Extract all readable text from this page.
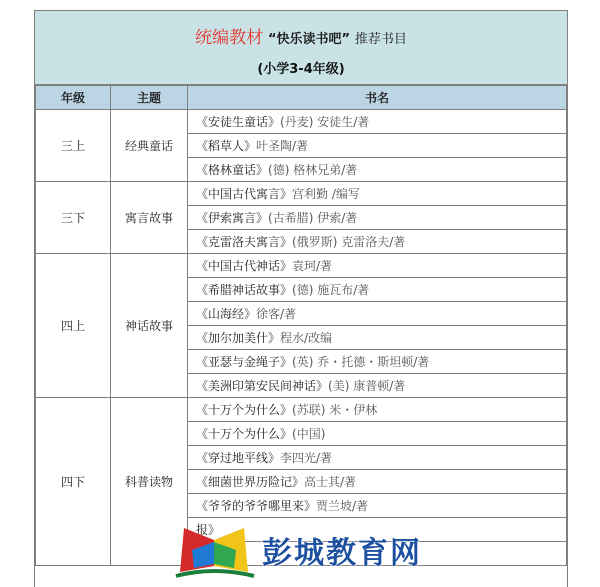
统编教材 “快乐读书吧” 推荐书目
(小学3-4年级)
年级	主题	书名
三上	经典童话	《安徒生童话》(丹麦) 安徒生/著
		《稻草人》叶圣陶/著
		《格林童话》(德) 格林兄弟/著
三下	寓言故事	《中国古代寓言》宫利勤 /编写
		《伊索寓言》(古希腊) 伊索/著
		《克雷洛夫寓言》(俄罗斯) 克雷洛夫/著
四上	神话故事	《中国古代神话》袁珂/著
		《希腊神话故事》(德) 施瓦布/著
		《山海经》徐客/著
		《加尔加美什》程水/改编
		《亚瑟与金绳子》(英) 乔・托德・斯坦顿/著
		《美洲印第安民间神话》(美) 康普顿/著
四下	科普读物	《十万个为什么》(苏联) 米・伊林
		《十万个为什么》(中国)
		《穿过地平线》李四光/著
		《细菌世界历险记》高士其/著
		《爷爷的爷爷哪里来》贾兰坡/著
		报》

彭城教育网
